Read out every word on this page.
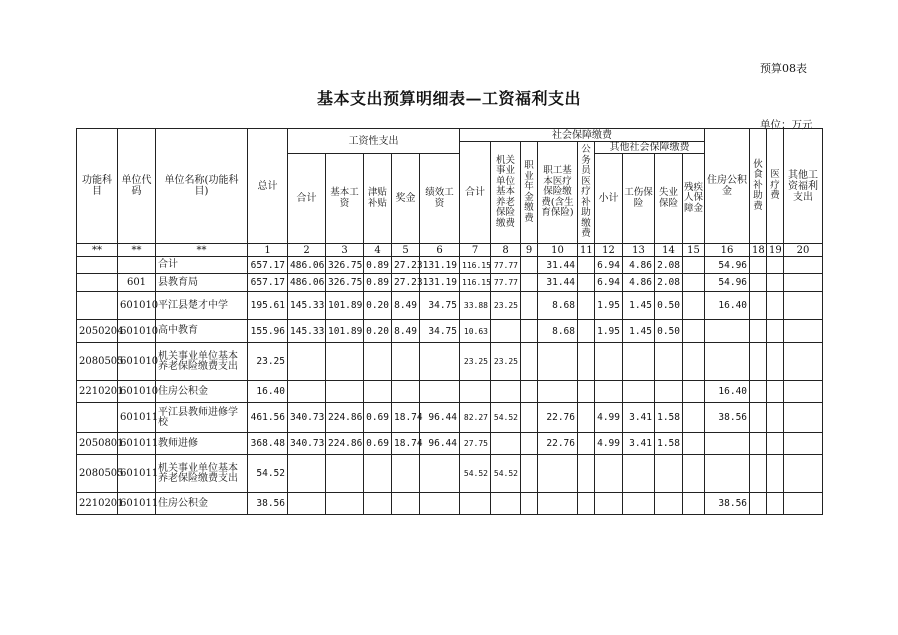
预算08表
基本支出预算明细表—工资福利支出
单位：万元
功能科目	单位代码	单位名称(功能科目)	总计	工资性支出					社会保障缴费									住房公积金	伙食补助费	医疗费	其他工资福利支出
									合计	机关事业单位基本养老保险缴费	职业年金缴费	职工基本医疗保险缴费(含生育保险)	公务员医疗补助缴费	其他社会保障缴费							
				合计	基本工资	津贴补贴	奖金	绩效工资						小计	工伤保险	失业保险	残疾人保障金				

**	**	**	1	2	3	4	5	6	7	8	9	10	11	12	13	14	15	16	18	19	20
		合计	657.17	486.06	326.75	0.89	27.23	131.19	116.15	77.77		31.44		6.94	4.86	2.08		54.96			
	601	县教育局	657.17	486.06	326.75	0.89	27.23	131.19	116.15	77.77		31.44		6.94	4.86	2.08		54.96			
	601010	平江县楚才中学	195.61	145.33	101.89	0.20	8.49	34.75	33.88	23.25		8.68		1.95	1.45	0.50		16.40			
2050204	601010	高中教育	155.96	145.33	101.89	0.20	8.49	34.75	10.63			8.68		1.95	1.45	0.50					
2080505	601010	机关事业单位基本养老保险缴费支出	23.25						23.25	23.25											
2210201	601010	住房公积金	16.40															16.40			
	601011	平江县教师进修学校	461.56	340.73	224.86	0.69	18.74	96.44	82.27	54.52		22.76		4.99	3.41	1.58		38.56			
2050801	601011	教师进修	368.48	340.73	224.86	0.69	18.74	96.44	27.75			22.76		4.99	3.41	1.58					
2080505	601011	机关事业单位基本养老保险缴费支出	54.52						54.52	54.52											
2210201	601011	住房公积金	38.56															38.56			
